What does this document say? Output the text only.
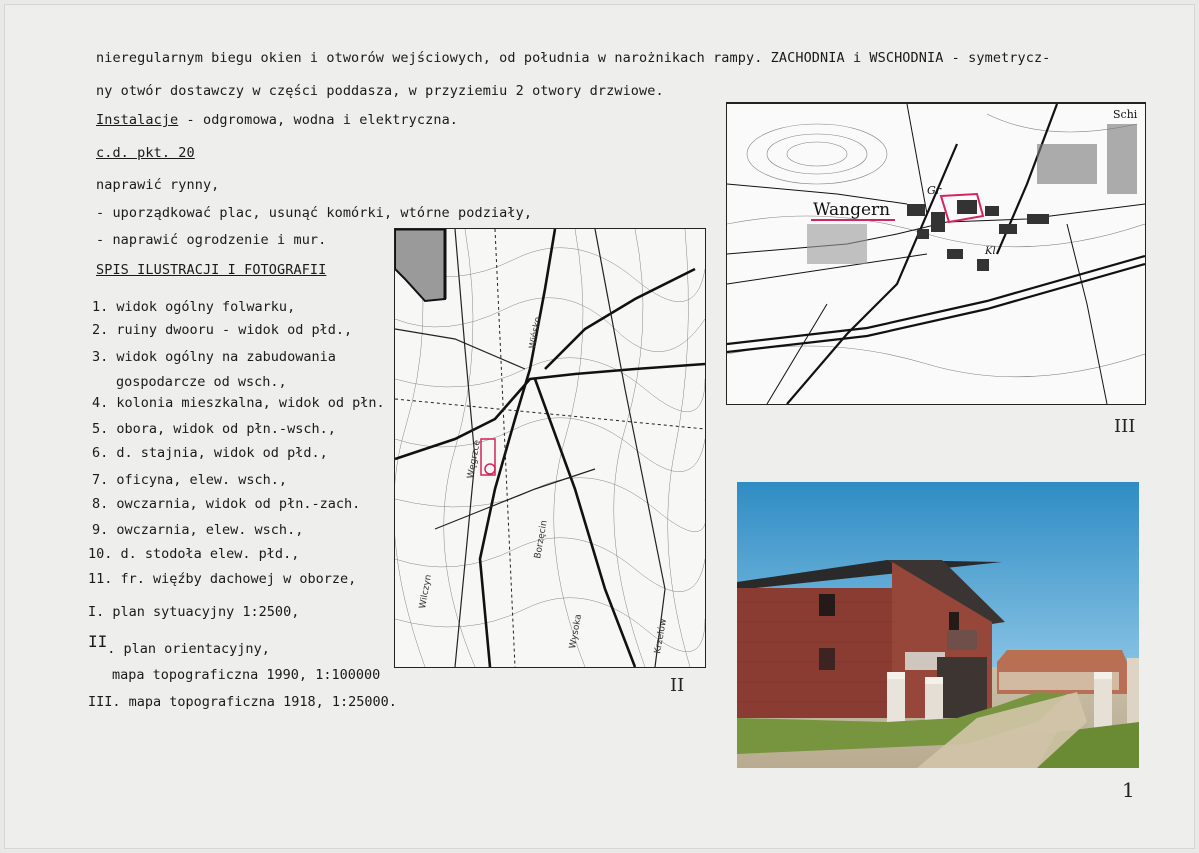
nieregularnym biegu okien i otworów wejściowych, od południa w narożnikach rampy. ZACHODNIA i WSCHODNIA - symetrycz-
ny otwór dostawczy w części poddasza, w przyziemiu 2 otwory drzwiowe.
Instalacje - odgromowa, wodna i elektryczna.
c.d. pkt. 20
naprawić rynny,
- uporządkować plac, usunąć komórki, wtórne podziały,
- naprawić ogrodzenie i mur.
SPIS ILUSTRACJI I FOTOGRAFII
1. widok ogólny folwarku,
2. ruiny dwooru - widok od płd.,
3. widok ogólny na zabudowania
gospodarcze od wsch.,
4. kolonia mieszkalna, widok od płn.
5. obora, widok od płn.-wsch.,
6. d. stajnia, widok od płd.,
7. oficyna, elew. wsch.,
8. owczarnia, widok od płn.-zach.
9. owczarnia, elew. wsch.,
10. d. stodoła elew. płd.,
11. fr. więźby dachowej w oborze,
I. plan sytuacyjny 1:2500,
II. plan orientacyjny,
mapa topograficzna 1990, 1:100000
III. mapa topograficzna 1918, 1:25000.
Wińsko
Borzęcin
Wysoka	Krzelów
Wilczyn
Węgrzce
Wangern
Gr
Kl.
Schi
II
III
1
